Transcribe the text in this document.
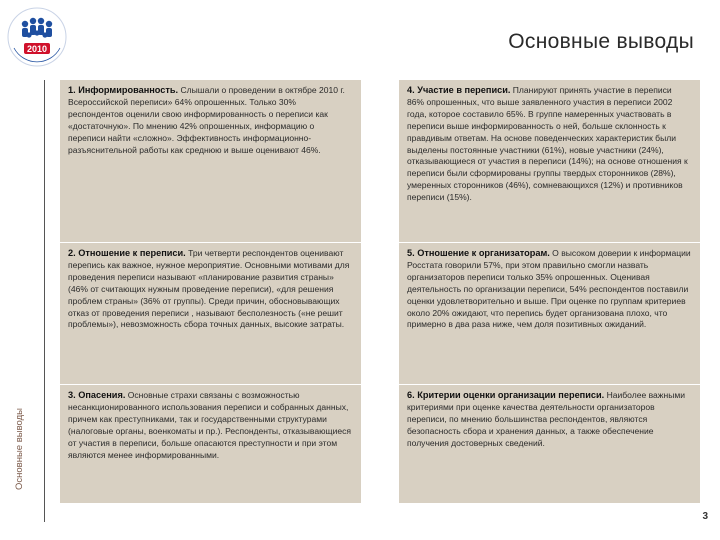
2010	Основные выводы
Основные выводы
1. Информированность. Слышали о проведении в октябре 2010 г. Всероссийской переписи» 64% опрошенных. Только 30% респондентов оценили свою информированность о переписи как «достаточную». По мнению 42% опрошенных, информацию о переписи найти «сложно». Эффективность информационно-разъяснительной работы как среднюю и выше оценивают 46%.
4. Участие в переписи. Планируют принять участие в переписи 86% опрошенных, что выше заявленного участия в переписи 2002 года, которое составило 65%. В группе намеренных участвовать в переписи выше информированность о ней, больше склонность к правдивым ответам. На основе поведенческих характеристик были выделены постоянные участники (61%), новые участники (24%), отказывающиеся от участия в переписи (14%); на основе отношения к переписи были сформированы группы твердых сторонников (28%), умеренных сторонников (46%), сомневающихся (12%) и противников переписи (15%).
2. Отношение к переписи. Три четверти респондентов оценивают перепись как важное, нужное мероприятие. Основными мотивами для проведения переписи называют «планирование развития страны» (46% от считающих нужным проведение переписи), «для решения проблем страны» (36% от группы). Среди причин, обосновывающих отказ от проведения переписи , называют бесполезность («не решит проблемы»), невозможность сбора точных данных, высокие затраты.
5. Отношение к организаторам. О высоком доверии к информации Росстата говорили 57%, при этом правильно смогли назвать организаторов переписи только 35% опрошенных. Оценивая деятельность по организации переписи, 54% респондентов поставили оценки удовлетворительно и выше. При оценке по группам критериев около 20% ожидают, что перепись будет организована плохо, что примерно в два раза ниже, чем доля позитивных ожиданий.
3. Опасения. Основные страхи связаны с возможностью несанкционированного использования переписи и собранных данных, причем как преступниками, так и государственными структурами (налоговые органы, военкоматы и пр.). Респонденты, отказывающиеся от участия в переписи, больше опасаются преступности и при этом являются менее информированными.
6. Критерии оценки организации переписи. Наиболее важными критериями при оценке качества деятельности организаторов переписи, по мнению большинства респондентов, являются безопасность сбора и хранения данных, а также обеспечение получения достоверных сведений.
3
